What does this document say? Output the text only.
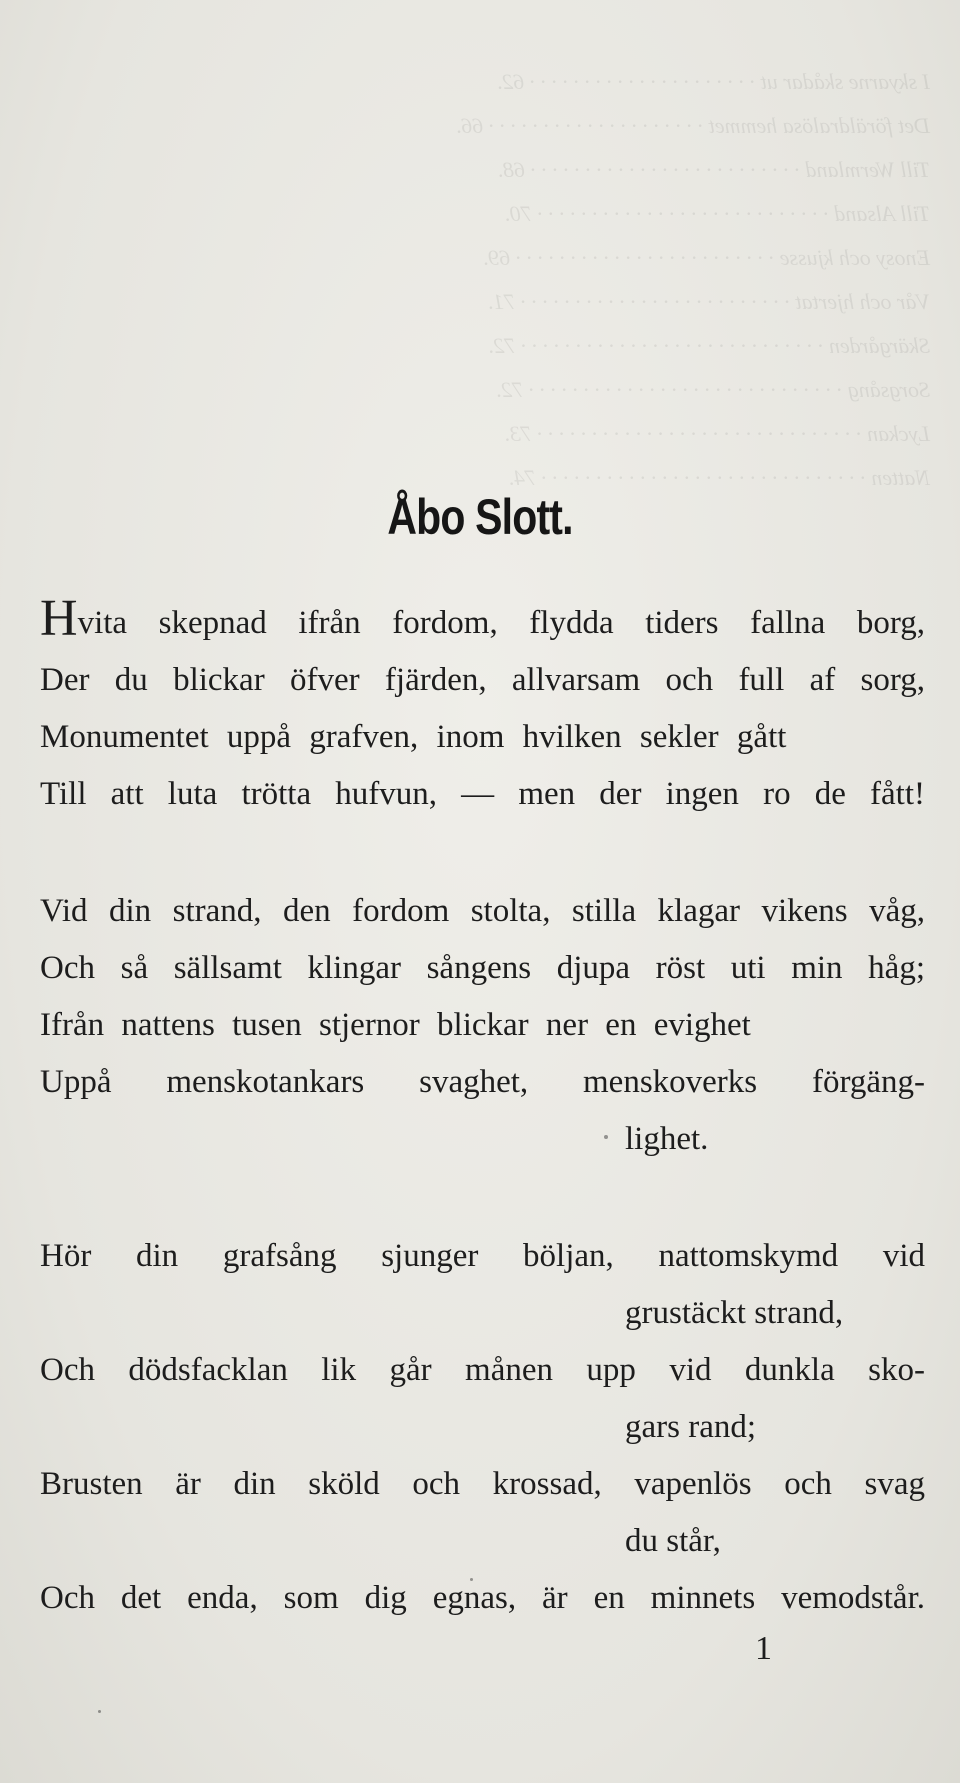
I skyarne skådar ut · · · · · · · · · · · · · · · · · · · · · 62.
Det föräldralösa hemmet · · · · · · · · · · · · · · · · · · · · 66.
Till Wermland · · · · · · · · · · · · · · · · · · · · · · · · · 68.
Till Alsand · · · · · · · · · · · · · · · · · · · · · · · · · · · 70.
Enosy och kjusse · · · · · · · · · · · · · · · · · · · · · · · · 69.
Vår och hjertat · · · · · · · · · · · · · · · · · · · · · · · · · 71.
Skärgården · · · · · · · · · · · · · · · · · · · · · · · · · · · · 72.
Sorgsång · · · · · · · · · · · · · · · · · · · · · · · · · · · · · 72.
Lyckan · · · · · · · · · · · · · · · · · · · · · · · · · · · · · · 73.
Natten · · · · · · · · · · · · · · · · · · · · · · · · · · · · · · 74.
Åbo Slott.
Hvita skepnad ifrån fordom, flydda tiders fallna borg,
Der du blickar öfver fjärden, allvarsam och full af sorg,
Monumentet uppå grafven, inom hvilken sekler gått
Till att luta trötta hufvun, — men der ingen ro de fått!
Vid din strand, den fordom stolta, stilla klagar vikens våg,
Och så sällsamt klingar sångens djupa röst uti min håg;
Ifrån nattens tusen stjernor blickar ner en evighet
Uppå menskotankars svaghet, menskoverks förgäng-
lighet.
Hör din grafsång sjunger böljan, nattomskymd vid
grustäckt strand,
Och dödsfacklan lik går månen upp vid dunkla sko-
gars rand;
Brusten är din sköld och krossad, vapenlös och svag
du står,
Och det enda, som dig egnas, är en minnets vemodstår.
1
